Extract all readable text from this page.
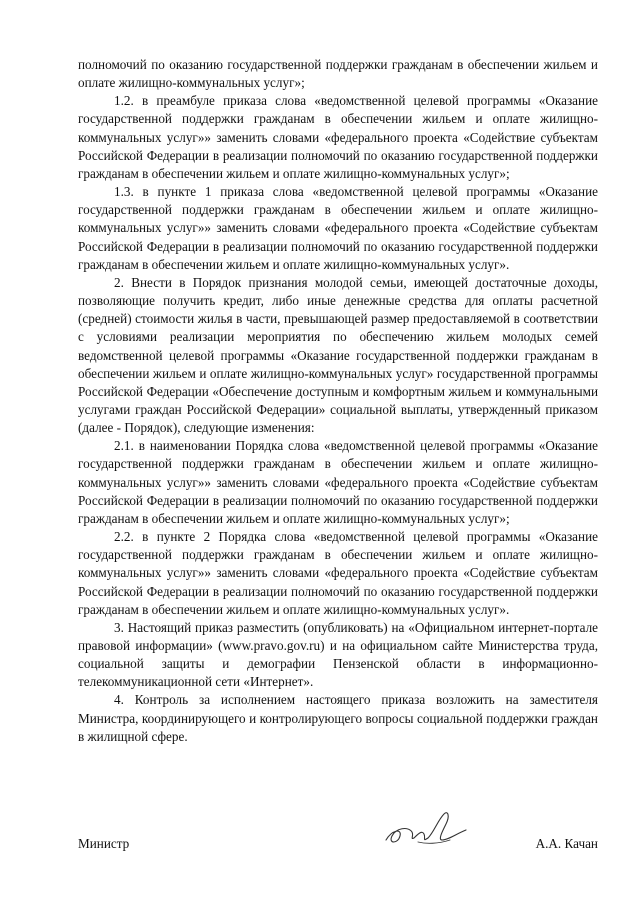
полномочий по оказанию государственной поддержки гражданам в обеспечении жильем и оплате жилищно-коммунальных услуг»;

1.2. в преамбуле приказа слова «ведомственной целевой программы «Оказание государственной поддержки гражданам в обеспечении жильем и оплате жилищно-коммунальных услуг»» заменить словами «федерального проекта «Содействие субъектам Российской Федерации в реализации полномочий по оказанию государственной поддержки гражданам в обеспечении жильем и оплате жилищно-коммунальных услуг»;

1.3. в пункте 1 приказа слова «ведомственной целевой программы «Оказание государственной поддержки гражданам в обеспечении жильем и оплате жилищно-коммунальных услуг»» заменить словами «федерального проекта «Содействие субъектам Российской Федерации в реализации полномочий по оказанию государственной поддержки гражданам в обеспечении жильем и оплате жилищно-коммунальных услуг».

2. Внести в Порядок признания молодой семьи, имеющей достаточные доходы, позволяющие получить кредит, либо иные денежные средства для оплаты расчетной (средней) стоимости жилья в части, превышающей размер предоставляемой в соответствии с условиями реализации мероприятия по обеспечению жильем молодых семей ведомственной целевой программы «Оказание государственной поддержки гражданам в обеспечении жильем и оплате жилищно-коммунальных услуг» государственной программы Российской Федерации «Обеспечение доступным и комфортным жильем и коммунальными услугами граждан Российской Федерации» социальной выплаты, утвержденный приказом (далее - Порядок), следующие изменения:

2.1. в наименовании Порядка слова «ведомственной целевой программы «Оказание государственной поддержки гражданам в обеспечении жильем и оплате жилищно-коммунальных услуг»» заменить словами «федерального проекта «Содействие субъектам Российской Федерации в реализации полномочий по оказанию государственной поддержки гражданам в обеспечении жильем и оплате жилищно-коммунальных услуг»;

2.2. в пункте 2 Порядка слова «ведомственной целевой программы «Оказание государственной поддержки гражданам в обеспечении жильем и оплате жилищно-коммунальных услуг»» заменить словами «федерального проекта «Содействие субъектам Российской Федерации в реализации полномочий по оказанию государственной поддержки гражданам в обеспечении жильем и оплате жилищно-коммунальных услуг».

3. Настоящий приказ разместить (опубликовать) на «Официальном интернет-портале правовой информации» (www.pravo.gov.ru) и на официальном сайте Министерства труда, социальной защиты и демографии Пензенской области в информационно-телекоммуникационной сети «Интернет».

4. Контроль за исполнением настоящего приказа возложить на заместителя Министра, координирующего и контролирующего вопросы социальной поддержки граждан в жилищной сфере.

Министр	А.А. Качан
